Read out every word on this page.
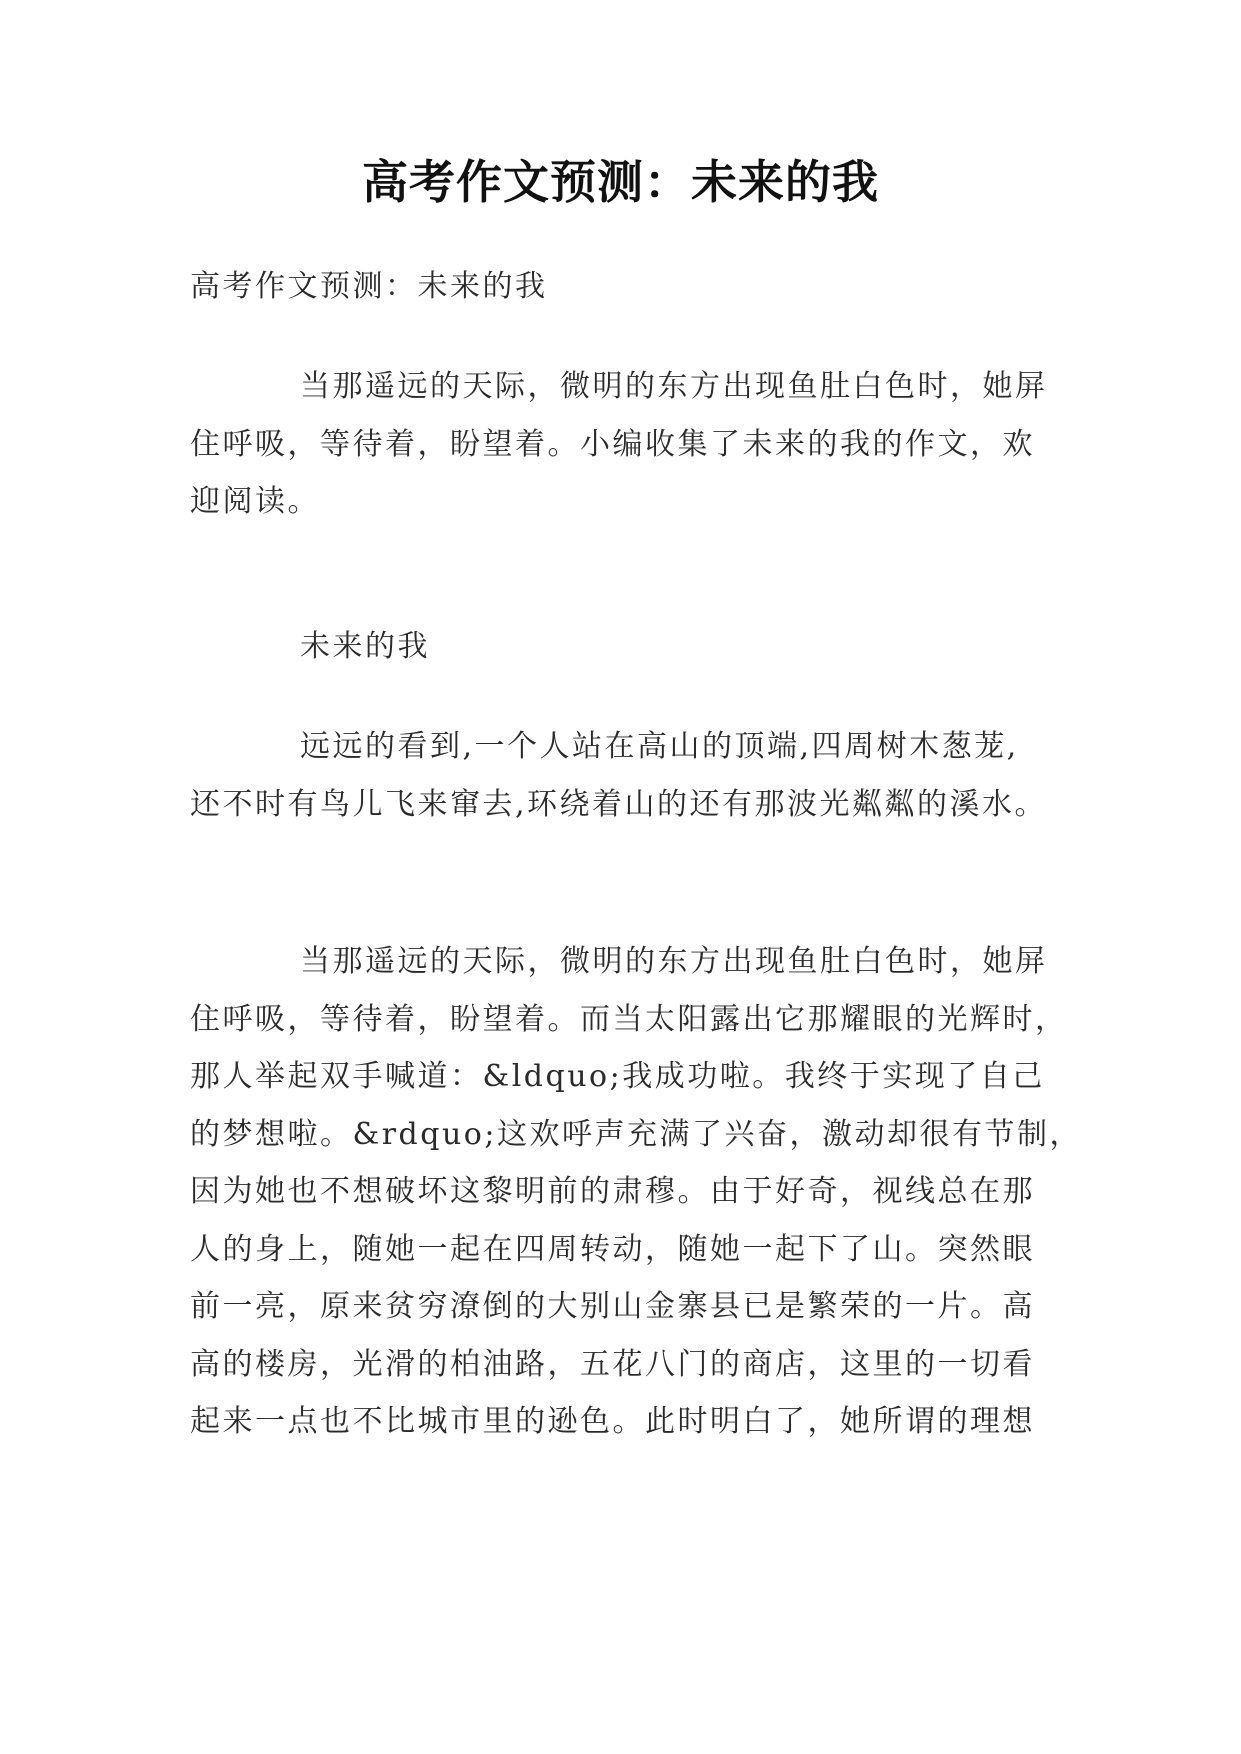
高考作文预测：未来的我

高考作文预测：未来的我

当那遥远的天际，微明的东方出现鱼肚白色时，她屏
住呼吸，等待着，盼望着。小编收集了未来的我的作文，欢
迎阅读。

未来的我

远远的看到,一个人站在高山的顶端,四周树木葱茏,
还不时有鸟儿飞来窜去,环绕着山的还有那波光粼粼的溪水。

当那遥远的天际，微明的东方出现鱼肚白色时，她屏
住呼吸，等待着，盼望着。而当太阳露出它那耀眼的光辉时，
那人举起双手喊道：&ldquo;我成功啦。我终于实现了自己
的梦想啦。&rdquo;这欢呼声充满了兴奋，激动却很有节制，
因为她也不想破坏这黎明前的肃穆。由于好奇，视线总在那
人的身上，随她一起在四周转动，随她一起下了山。突然眼
前一亮，原来贫穷潦倒的大别山金寨县已是繁荣的一片。高
高的楼房，光滑的柏油路，五花八门的商店，这里的一切看
起来一点也不比城市里的逊色。此时明白了，她所谓的理想
